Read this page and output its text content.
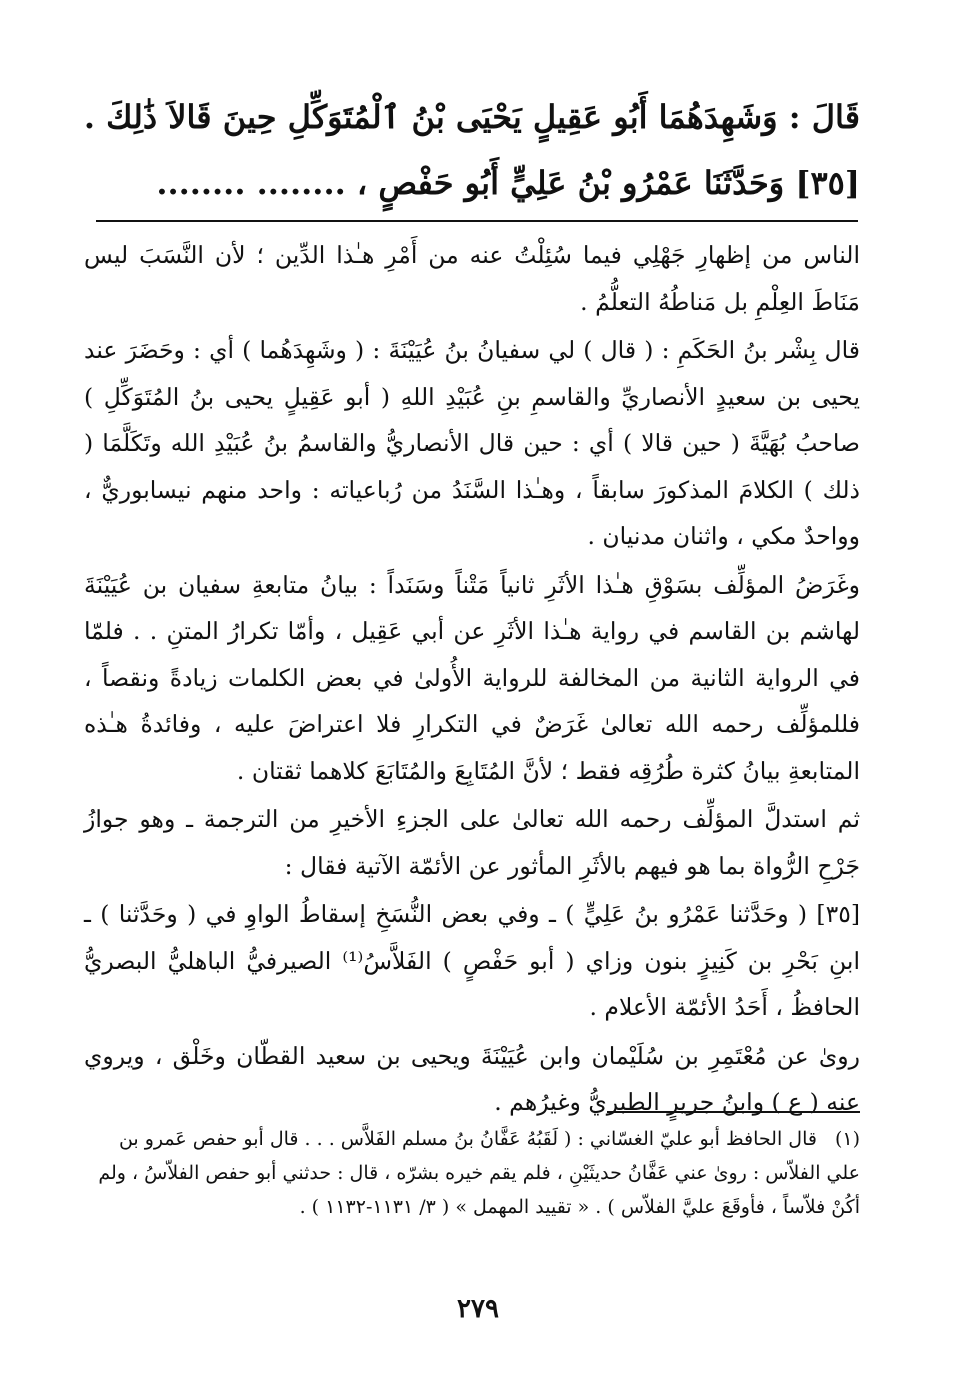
قَالَ : وَشَهِدَهُمَا أَبُو عَقِيلٍ يَحْيَى بْنُ ٱلْمُتَوَكِّلِ حِينَ قَالاَ ذَٰلِكَ .
[٣٥] وَحَدَّثَنَا عَمْرُو بْنُ عَلِيٍّ أَبُو حَفْصٍ ، ........ ........

الناس من إظهارِ جَهْلِي فيما سُئِلْتُ عنه من أَمْرِ هـٰذا الدِّين ؛ لأن النَّسَبَ ليس مَنَاطَ العِلْمِ بل مَناطُهُ التعلُّمُ .

قال بِشْر بنُ الحَكَمِ : ( قال ) لي سفيانُ بنُ عُيَيْنَةَ : ( وشَهِدَهُما ) أي : وحَضَرَ عند يحيى بن سعيدٍ الأنصاريِّ والقاسمِ بنِ عُبَيْدِ اللهِ ( أبو عَقِيلٍ يحيى بنُ المُتَوَكِّلِ ) صاحبُ بُهَيَّةَ ( حين قالا ) أي : حين قال الأنصاريُّ والقاسمُ بنُ عُبَيْدِ الله وتَكَلَّمَا ( ذلك ) الكلامَ المذكورَ سابقاً ، وهـٰذا السَّنَدُ من رُباعياته : واحد منهم نيسابوريٌّ ، وواحدٌ مكي ، واثنان مدنيان .

وغَرَضُ المؤلِّف بسَوْقِ هـٰذا الأثَرِ ثانياً مَتْناً وسَنَداً : بيانُ متابعةِ سفيان بن عُيَيْنَةَ لهاشم بن القاسم في رواية هـٰذا الأثَرِ عن أبي عَقِيل ، وأمّا تكرارُ المتنِ . . فلمّا في الرواية الثانية من المخالفة للرواية الأُولىٰ في بعض الكلمات زيادةً ونقصاً ، فللمؤلِّف رحمه الله تعالىٰ غَرَضٌ في التكرارِ فلا اعتراضَ عليه ، وفائدةُ هـٰذه المتابعةِ بيانُ كثرة طُرُقِه فقط ؛ لأنَّ المُتَابِعَ والمُتَابَعَ كلاهما ثقتان .

ثم استدلَّ المؤلِّف رحمه الله تعالىٰ على الجزءِ الأخيرِ من الترجمة ـ وهو جوازُ جَرْحِ الرُّواة بما هو فيهم بالأثَرِ المأثور عن الأئمّة الآتية فقال :

[٣٥] ( وحَدَّثنا عَمْرُو بنُ عَلِيٍّ ) ـ وفي بعض النُّسَخِ إسقاطُ الواوِ في ( وحَدَّثنا ) ـ ابنِ بَحْرِ بن كَنِيزٍ بنون وزاي ( أبو حَفْصٍ ) الفَلاَّسُ⁽¹⁾ الصيرفيُّ الباهليُّ البصريُّ الحافظُ ، أَحَدُ الأئمّة الأعلام .

روىٰ عن مُعْتَمِرِ بن سُلَيْمان وابن عُيَيْنَةَ ويحيى بن سعيد القطّان وخَلْق ، ويروي عنه ( ع ) وابنُ جريرٍ الطبريُّ وغيرُهم .

(١)قال الحافظ أبو عليّ الغسّاني : ( لَقَبُهُ عَفَّانُ بنُ مسلم الفَلاَّس . . . قال أبو حفص عَمرو بن علي الفلاّس : روىٰ عني عَفَّانُ حديثَيْنِ ، فلم يقم خيره بشرّه ، قال : حدثني أبو حفص الفلاّسُ ، ولم أكُنْ فلاّساً ، فأوقَعَ عليَّ الفلاّس ) . « تقييد المهمل » ( ٣/ ١١٣١-١١٣٢ ) .
٢٧٩
